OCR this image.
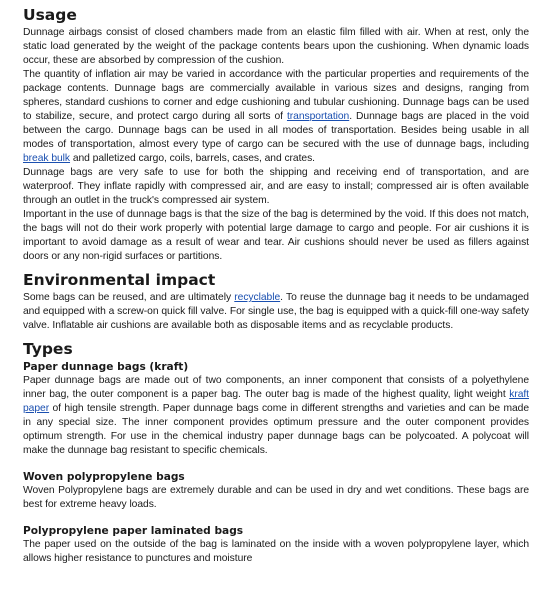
Usage

Dunnage airbags consist of closed chambers made from an elastic film filled with air. When at rest, only the static load generated by the weight of the package contents bears upon the cushioning. When dynamic loads occur, these are absorbed by compression of the cushion.

The quantity of inflation air may be varied in accordance with the particular properties and requirements of the package contents. Dunnage bags are commercially available in various sizes and designs, ranging from spheres, standard cushions to corner and edge cushioning and tubular cushioning. Dunnage bags can be used to stabilize, secure, and protect cargo during all sorts of transportation. Dunnage bags are placed in the void between the cargo. Dunnage bags can be used in all modes of transportation. Besides being usable in all modes of transportation, almost every type of cargo can be secured with the use of dunnage bags, including break bulk and palletized cargo, coils, barrels, cases, and crates.

Dunnage bags are very safe to use for both the shipping and receiving end of transportation, and are waterproof. They inflate rapidly with compressed air, and are easy to install; compressed air is often available through an outlet in the truck's compressed air system.

Important in the use of dunnage bags is that the size of the bag is determined by the void. If this does not match, the bags will not do their work properly with potential large damage to cargo and people. For air cushions it is important to avoid damage as a result of wear and tear. Air cushions should never be used as fillers against doors or any non-rigid surfaces or partitions.

Environmental impact

Some bags can be reused, and are ultimately recyclable. To reuse the dunnage bag it needs to be undamaged and equipped with a screw-on quick fill valve. For single use, the bag is equipped with a quick-fill one-way safety valve. Inflatable air cushions are available both as disposable items and as recyclable products.

Types
Paper dunnage bags (kraft)

Paper dunnage bags are made out of two components, an inner component that consists of a polyethylene inner bag, the outer component is a paper bag. The outer bag is made of the highest quality, light weight kraft paper of high tensile strength. Paper dunnage bags come in different strengths and varieties and can be made in any special size. The inner component provides optimum pressure and the outer component provides optimum strength. For use in the chemical industry paper dunnage bags can be polycoated. A polycoat will make the dunnage bag resistant to specific chemicals.

Woven polypropylene bags

Woven Polypropylene bags are extremely durable and can be used in dry and wet conditions. These bags are best for extreme heavy loads.

Polypropylene paper laminated bags

The paper used on the outside of the bag is laminated on the inside with a woven polypropylene layer, which allows higher resistance to punctures and moisture
